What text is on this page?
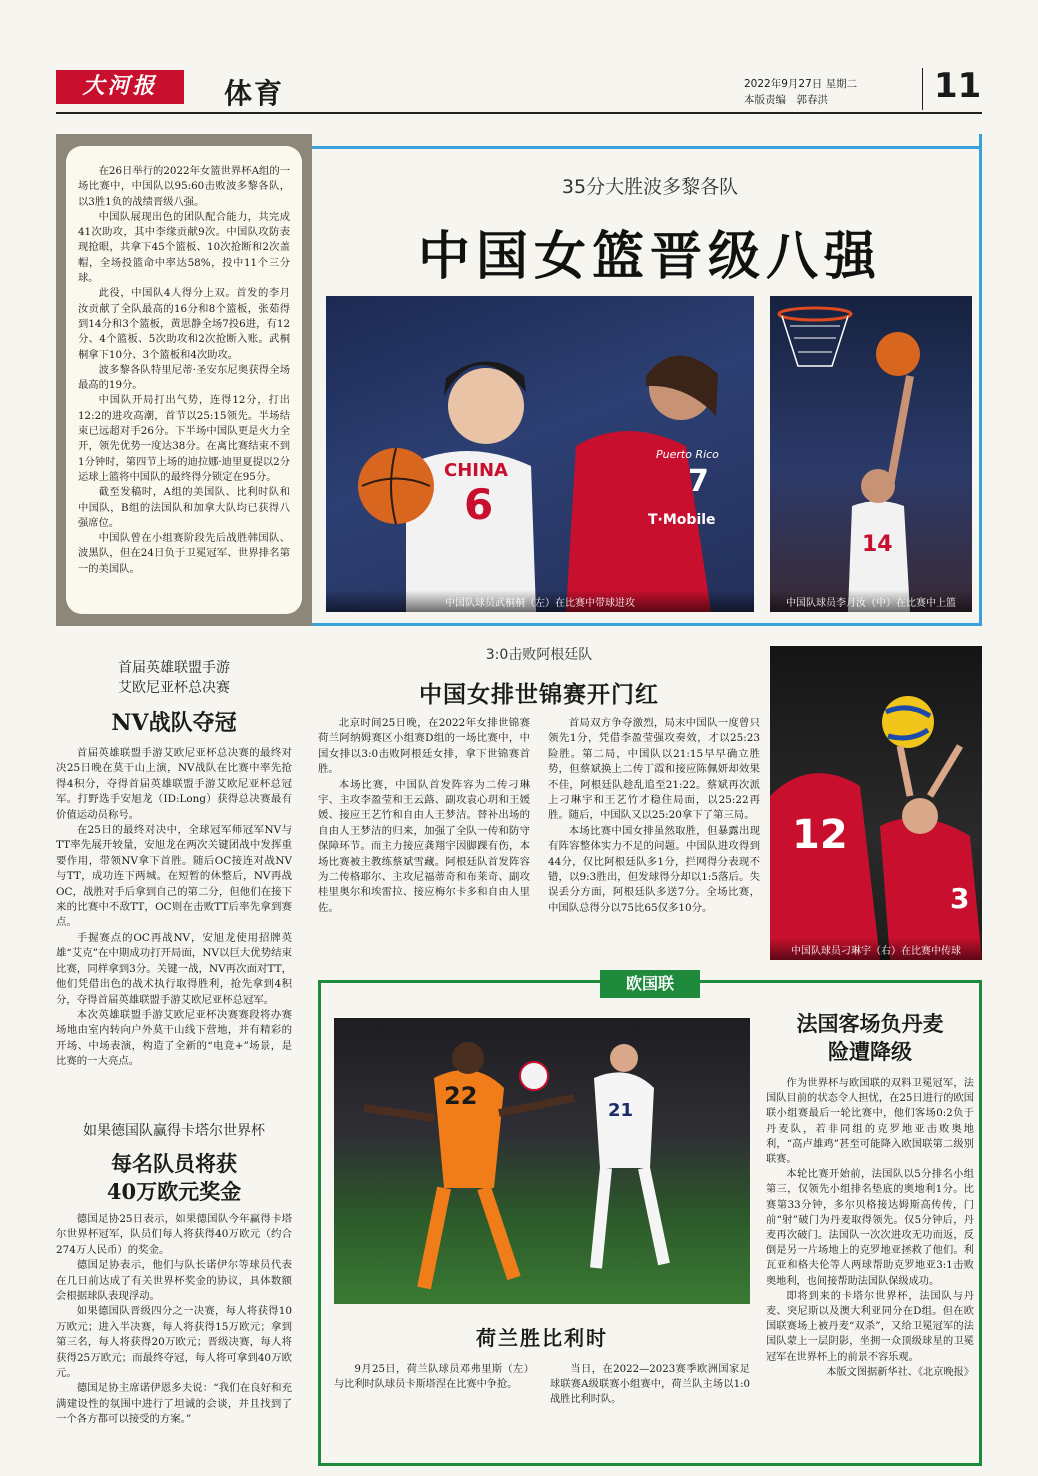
大河报	体育	2022年9月27日 星期二
本版责编　郭春洪	11

在26日举行的2022年女篮世界杯A组的一场比赛中，中国队以95:60击败波多黎各队，以3胜1负的战绩晋级八强。

中国队展现出色的团队配合能力，共完成41次助攻，其中李缘贡献9次。中国队攻防表现抢眼，共拿下45个篮板、10次抢断和2次盖帽，全场投篮命中率达58%，投中11个三分球。

此役，中国队4人得分上双。首发的李月汝贡献了全队最高的16分和8个篮板，张茹得到14分和3个篮板，黄思静全场7投6进，有12分、4个篮板、5次助攻和2次抢断入账。武桐桐拿下10分、3个篮板和4次助攻。

波多黎各队特里尼蒂·圣安东尼奥获得全场最高的19分。

中国队开局打出气势，连得12分，打出12:2的进攻高潮，首节以25:15领先。半场结束已远超对手26分。下半场中国队更是火力全开，领先优势一度达38分。在离比赛结束不到1分钟时，第四节上场的迪拉娜·迪里夏提以2分运球上篮将中国队的最终得分锁定在95分。

截至发稿时，A组的美国队、比利时队和中国队，B组的法国队和加拿大队均已获得八强席位。

中国队曾在小组赛阶段先后战胜韩国队、波黑队，但在24日负于卫冕冠军、世界排名第一的美国队。

35分大胜波多黎各队
中国女篮晋级八强
CHINA
6
Puerto Rico
7
T·Mobile
中国队球员武桐桐（左）在比赛中带球进攻
14
中国队球员李月汝（中）在比赛中上篮
首届英雄联盟手游
艾欧尼亚杯总决赛
NV战队夺冠

首届英雄联盟手游艾欧尼亚杯总决赛的最终对决25日晚在莫干山上演，NV战队在比赛中率先抢得4积分，夺得首届英雄联盟手游艾欧尼亚杯总冠军。打野选手安旭龙（ID:Long）获得总决赛最有价值运动员称号。

在25日的最终对决中，全球冠军师冠军NV与TT率先展开较量，安旭龙在两次关键团战中发挥重要作用，带领NV拿下首胜。随后OC接连对战NV与TT，成功连下两城。在短暂的休整后，NV再战OC，战胜对手后拿到自己的第二分，但他们在接下来的比赛中不敌TT，OC则在击败TT后率先拿到赛点。

手握赛点的OC再战NV，安旭龙使用招牌英雄“艾克”在中期成功打开局面，NV以巨大优势结束比赛，同样拿到3分。关键一战，NV再次面对TT，他们凭借出色的战术执行取得胜利，抢先拿到4积分，夺得首届英雄联盟手游艾欧尼亚杯总冠军。

本次英雄联盟手游艾欧尼亚杯决赛赛段将办赛场地由室内转向户外莫干山线下营地，并有精彩的开场、中场表演，构造了全新的“电竞+”场景，是比赛的一大亮点。

如果德国队赢得卡塔尔世界杯
每名队员将获
40万欧元奖金

德国足协25日表示，如果德国队今年赢得卡塔尔世界杯冠军，队员们每人将获得40万欧元（约合274万人民币）的奖金。

德国足协表示，他们与队长诺伊尔等球员代表在几日前达成了有关世界杯奖金的协议，具体数额会根据球队表现浮动。

如果德国队晋级四分之一决赛，每人将获得10万欧元；进入半决赛，每人将获得15万欧元；拿到第三名，每人将获得20万欧元；晋级决赛，每人将获得25万欧元；而最终夺冠，每人将可拿到40万欧元。

德国足协主席诺伊恩多夫说：“我们在良好和充满建设性的氛围中进行了坦诚的会谈，并且找到了一个各方都可以接受的方案。”

3:0击败阿根廷队
中国女排世锦赛开门红

北京时间25日晚，在2022年女排世锦赛荷兰阿纳姆赛区小组赛D组的一场比赛中，中国女排以3:0击败阿根廷女排，拿下世锦赛首胜。

本场比赛，中国队首发阵容为二传刁琳宇、主攻李盈莹和王云蕗、副攻袁心玥和王媛媛、接应王艺竹和自由人王梦洁。替补出场的自由人王梦洁的归来，加强了全队一传和防守保障环节。而主力接应龚翔宇因脚踝有伤，本场比赛被主教练蔡斌雪藏。阿根廷队首发阵容为二传格耶尔、主攻尼福蒂奇和布莱奇、副攻桂里奥尔和埃雷拉、接应梅尔卡多和自由人里佐。

首局双方争夺激烈，局末中国队一度曾只领先1分，凭借李盈莹强攻奏效，才以25:23险胜。第二局，中国队以21:15早早确立胜势，但蔡斌换上二传丁霞和接应陈佩妍却效果不佳，阿根廷队趁乱追至21:22。蔡斌再次派上刁琳宇和王艺竹才稳住局面，以25:22再胜。随后，中国队又以25:20拿下了第三局。

本场比赛中国女排虽然取胜，但暴露出现有阵容整体实力不足的问题。中国队进攻得到44分，仅比阿根廷队多1分，拦网得分表现不错，以9:3胜出，但发球得分却以1:5落后。失误丢分方面，阿根廷队多送7分。全场比赛，中国队总得分以75比65仅多10分。

12
3
中国队球员刁琳宇（右）在比赛中传球
欧国联
22
21
荷兰胜比利时
9月25日，荷兰队球员邓弗里斯（左）与比利时队球员卡斯塔涅在比赛中争抢。
当日，在2022—2023赛季欧洲国家足球联赛A级联赛小组赛中，荷兰队主场以1:0战胜比利时队。
法国客场负丹麦
险遭降级

作为世界杯与欧国联的双料卫冕冠军，法国队目前的状态令人担忧，在25日进行的欧国联小组赛最后一轮比赛中，他们客场0:2负于丹麦队，若非同组的克罗地亚击败奥地利，“高卢雄鸡”甚至可能降入欧国联第二级别联赛。

本轮比赛开始前，法国队以5分排名小组第三，仅领先小组排名垫底的奥地利1分。比赛第33分钟，多尔贝格接达姆斯高传传，门前“射”破门为丹麦取得领先。仅5分钟后，丹麦再次破门。法国队一次次进攻无功而返，反倒是另一片场地上的克罗地亚拯救了他们。利瓦亚和格夫伦等人两球帮助克罗地亚3:1击败奥地利，也间接帮助法国队保级成功。

即将到来的卡塔尔世界杯，法国队与丹麦、突尼斯以及澳大利亚同分在D组。但在欧国联赛场上被丹麦“双杀”，又给卫冕冠军的法国队蒙上一层阴影，坐拥一众顶级球星的卫冕冠军在世界杯上的前景不容乐观。

本版文图据新华社、《北京晚报》
